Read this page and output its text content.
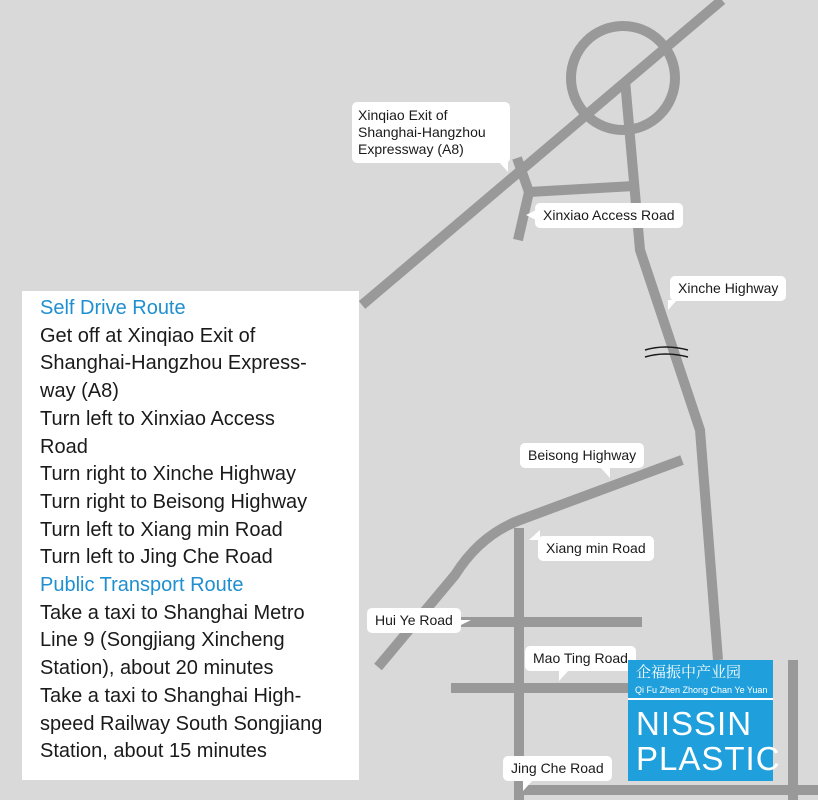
Xinqiao Exit of
Shanghai-Hangzhou
Expressway (A8)
Xinxiao Access Road
Xinche Highway
Beisong Highway
Xiang min Road
Hui Ye Road
Mao Ting Road
Jing Che Road
Self Drive Route
Get off at Xinqiao Exit of
Shanghai-Hangzhou Express-
way (A8)
Turn left to Xinxiao Access
Road
Turn right to Xinche Highway
Turn right to Beisong Highway
Turn left to Xiang min Road
Turn left to Jing Che Road
Public Transport Route
Take a taxi to Shanghai Metro
Line 9 (Songjiang Xincheng
Station), about 20 minutes
Take a taxi to Shanghai High-
speed Railway South Songjiang
Station, about 15 minutes
企福振中产业园
Qi Fu Zhen Zhong Chan Ye Yuan
NISSIN
PLASTIC
